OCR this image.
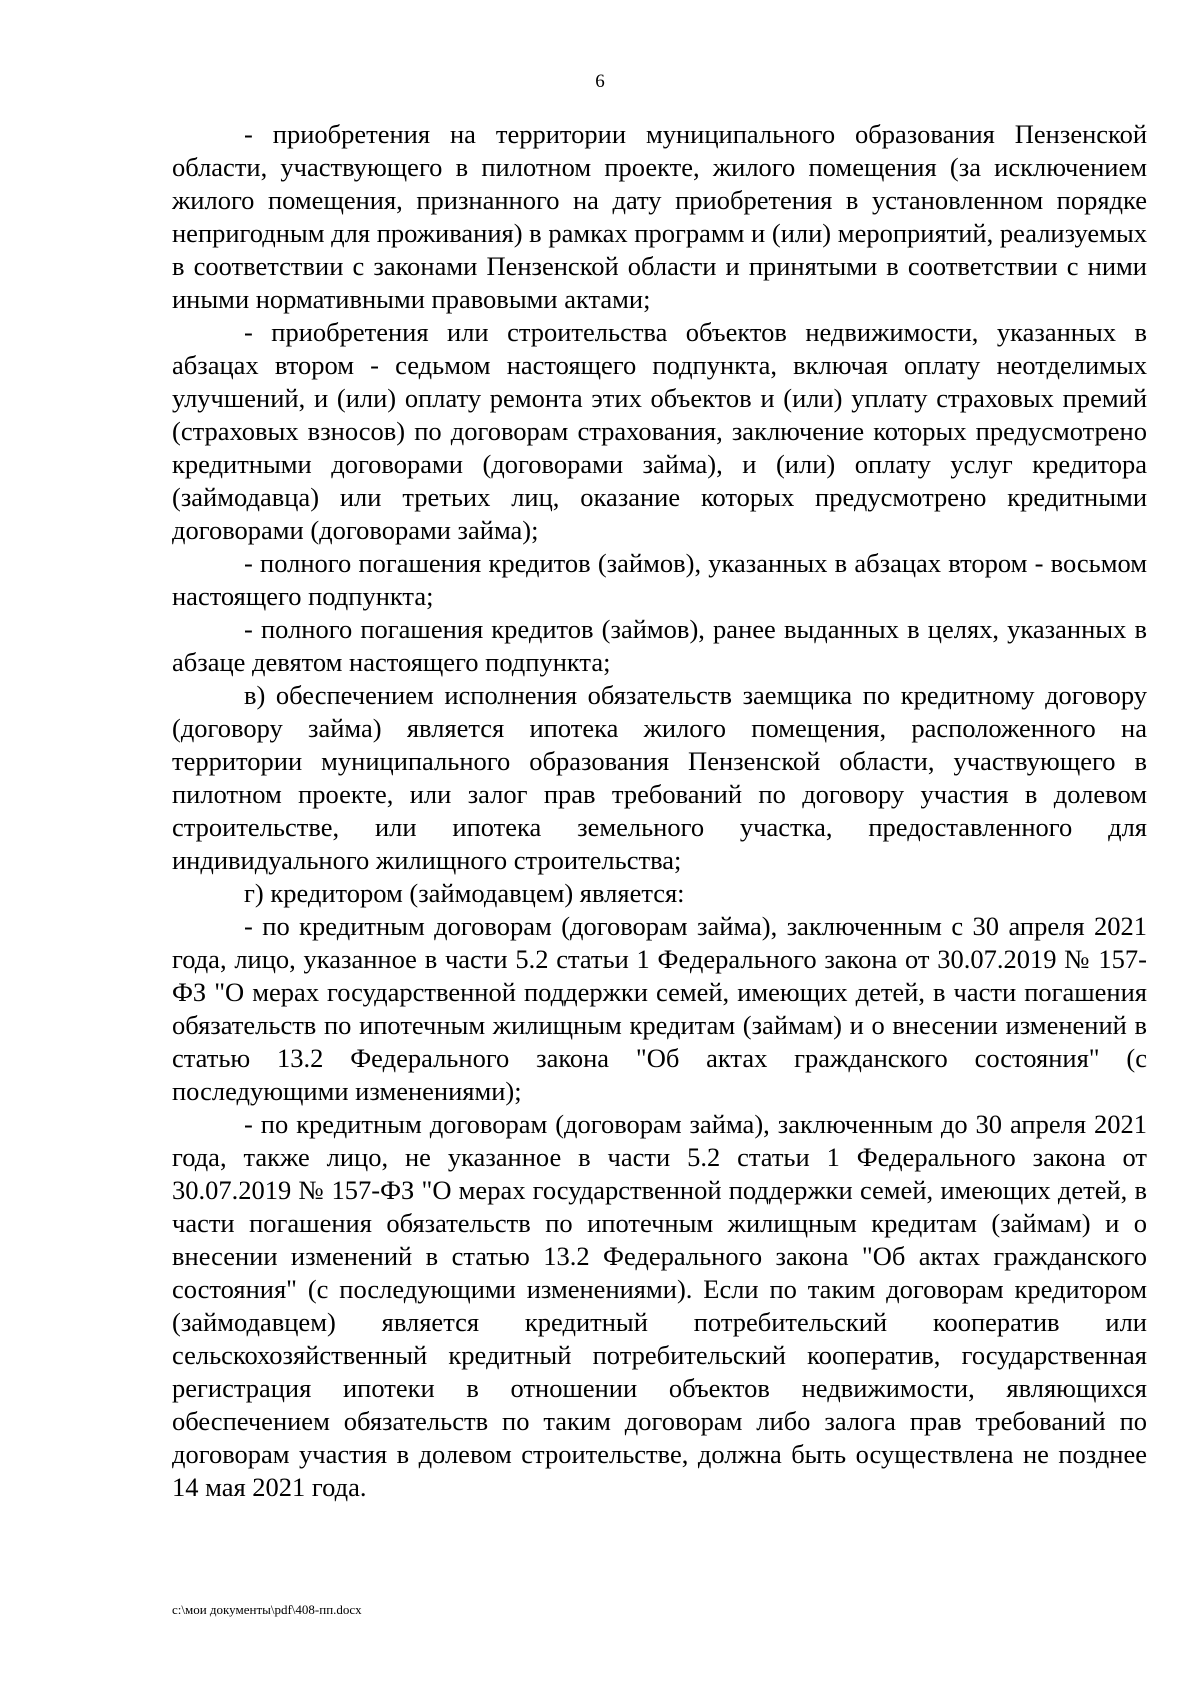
6

- приобретения на территории муниципального образования Пензенской области, участвующего в пилотном проекте, жилого помещения (за исключением жилого помещения, признанного на дату приобретения в установленном порядке непригодным для проживания) в рамках программ и (или) мероприятий, реализуемых в соответствии с законами Пензенской области и принятыми в соответствии с ними иными нормативными правовыми актами;

- приобретения или строительства объектов недвижимости, указанных в абзацах втором - седьмом настоящего подпункта, включая оплату неотделимых улучшений, и (или) оплату ремонта этих объектов и (или) уплату страховых премий (страховых взносов) по договорам страхования, заключение которых предусмотрено кредитными договорами (договорами займа), и (или) оплату услуг кредитора (займодавца) или третьих лиц, оказание которых предусмотрено кредитными договорами (договорами займа);

- полного погашения кредитов (займов), указанных в абзацах втором - восьмом настоящего подпункта;

- полного погашения кредитов (займов), ранее выданных в целях, указанных в абзаце девятом настоящего подпункта;

в) обеспечением исполнения обязательств заемщика по кредитному договору (договору займа) является ипотека жилого помещения, расположенного на территории муниципального образования Пензенской области, участвующего в пилотном проекте, или залог прав требований по договору участия в долевом строительстве, или ипотека земельного участка, предоставленного для индивидуального жилищного строительства;

г) кредитором (займодавцем) является:

- по кредитным договорам (договорам займа), заключенным с 30 апреля 2021 года, лицо, указанное в части 5.2 статьи 1 Федерального закона от 30.07.2019 № 157-ФЗ "О мерах государственной поддержки семей, имеющих детей, в части погашения обязательств по ипотечным жилищным кредитам (займам) и о внесении изменений в статью 13.2 Федерального закона "Об актах гражданского состояния" (с последующими изменениями);

- по кредитным договорам (договорам займа), заключенным до 30 апреля 2021 года, также лицо, не указанное в части 5.2 статьи 1 Федерального закона от 30.07.2019 № 157-ФЗ "О мерах государственной поддержки семей, имеющих детей, в части погашения обязательств по ипотечным жилищным кредитам (займам) и о внесении изменений в статью 13.2 Федерального закона "Об актах гражданского состояния" (с последующими изменениями). Если по таким договорам кредитором (займодавцем) является кредитный потребительский кооператив или сельскохозяйственный кредитный потребительский кооператив, государственная регистрация ипотеки в отношении объектов недвижимости, являющихся обеспечением обязательств по таким договорам либо залога прав требований по договорам участия в долевом строительстве, должна быть осуществлена не позднее 14 мая 2021 года.

c:\мои документы\pdf\408-пп.docx
